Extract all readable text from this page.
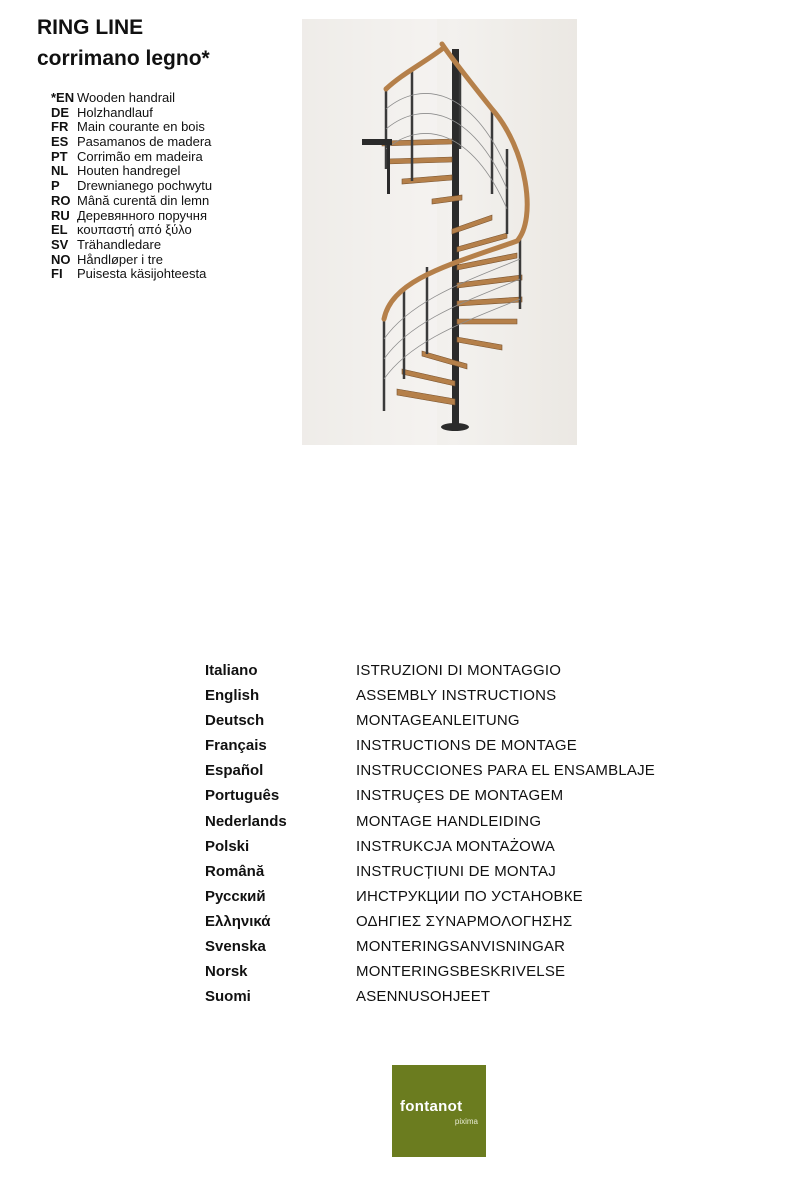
RING LINE
corrimano legno*
*EN Wooden handrail
DE Holzhandlauf
FR Main courante en bois
ES Pasamanos de madera
PT Corrimão em madeira
NL Houten handregel
P	Drewnianego pochwytu
RO Mână curentă din lemn
RU Деревянного поручня
EL κουπαστή από ξύλο
SV Trähandledare
NO Håndløper i tre
FI	Puisesta käsijohteesta
Italiano	ISTRUZIONI DI MONTAGGIO
English	ASSEMBLY INSTRUCTIONS
Deutsch	MONTAGEANLEITUNG
Français	INSTRUCTIONS DE MONTAGE
Español	INSTRUCCIONES PARA EL ENSAMBLAJE
Português	INSTRUÇES DE MONTAGEM
Nederlands	MONTAGE HANDLEIDING
Polski	INSTRUKCJA MONTAŻOWA
Română	INSTRUCȚIUNI DE MONTAJ
Русский	ИНСТРУКЦИИ ПО УСТАНОВКЕ
Ελληνικά	ΟΔΗΓΙΕΣ ΣΥΝΑΡΜΟΛΟΓΗΣΗΣ
Svenska	MONTERINGSANVISNINGAR
Norsk	MONTERINGSBESKRIVELSE
Suomi	ASENNUSOHJEET
fontanot
pixima
